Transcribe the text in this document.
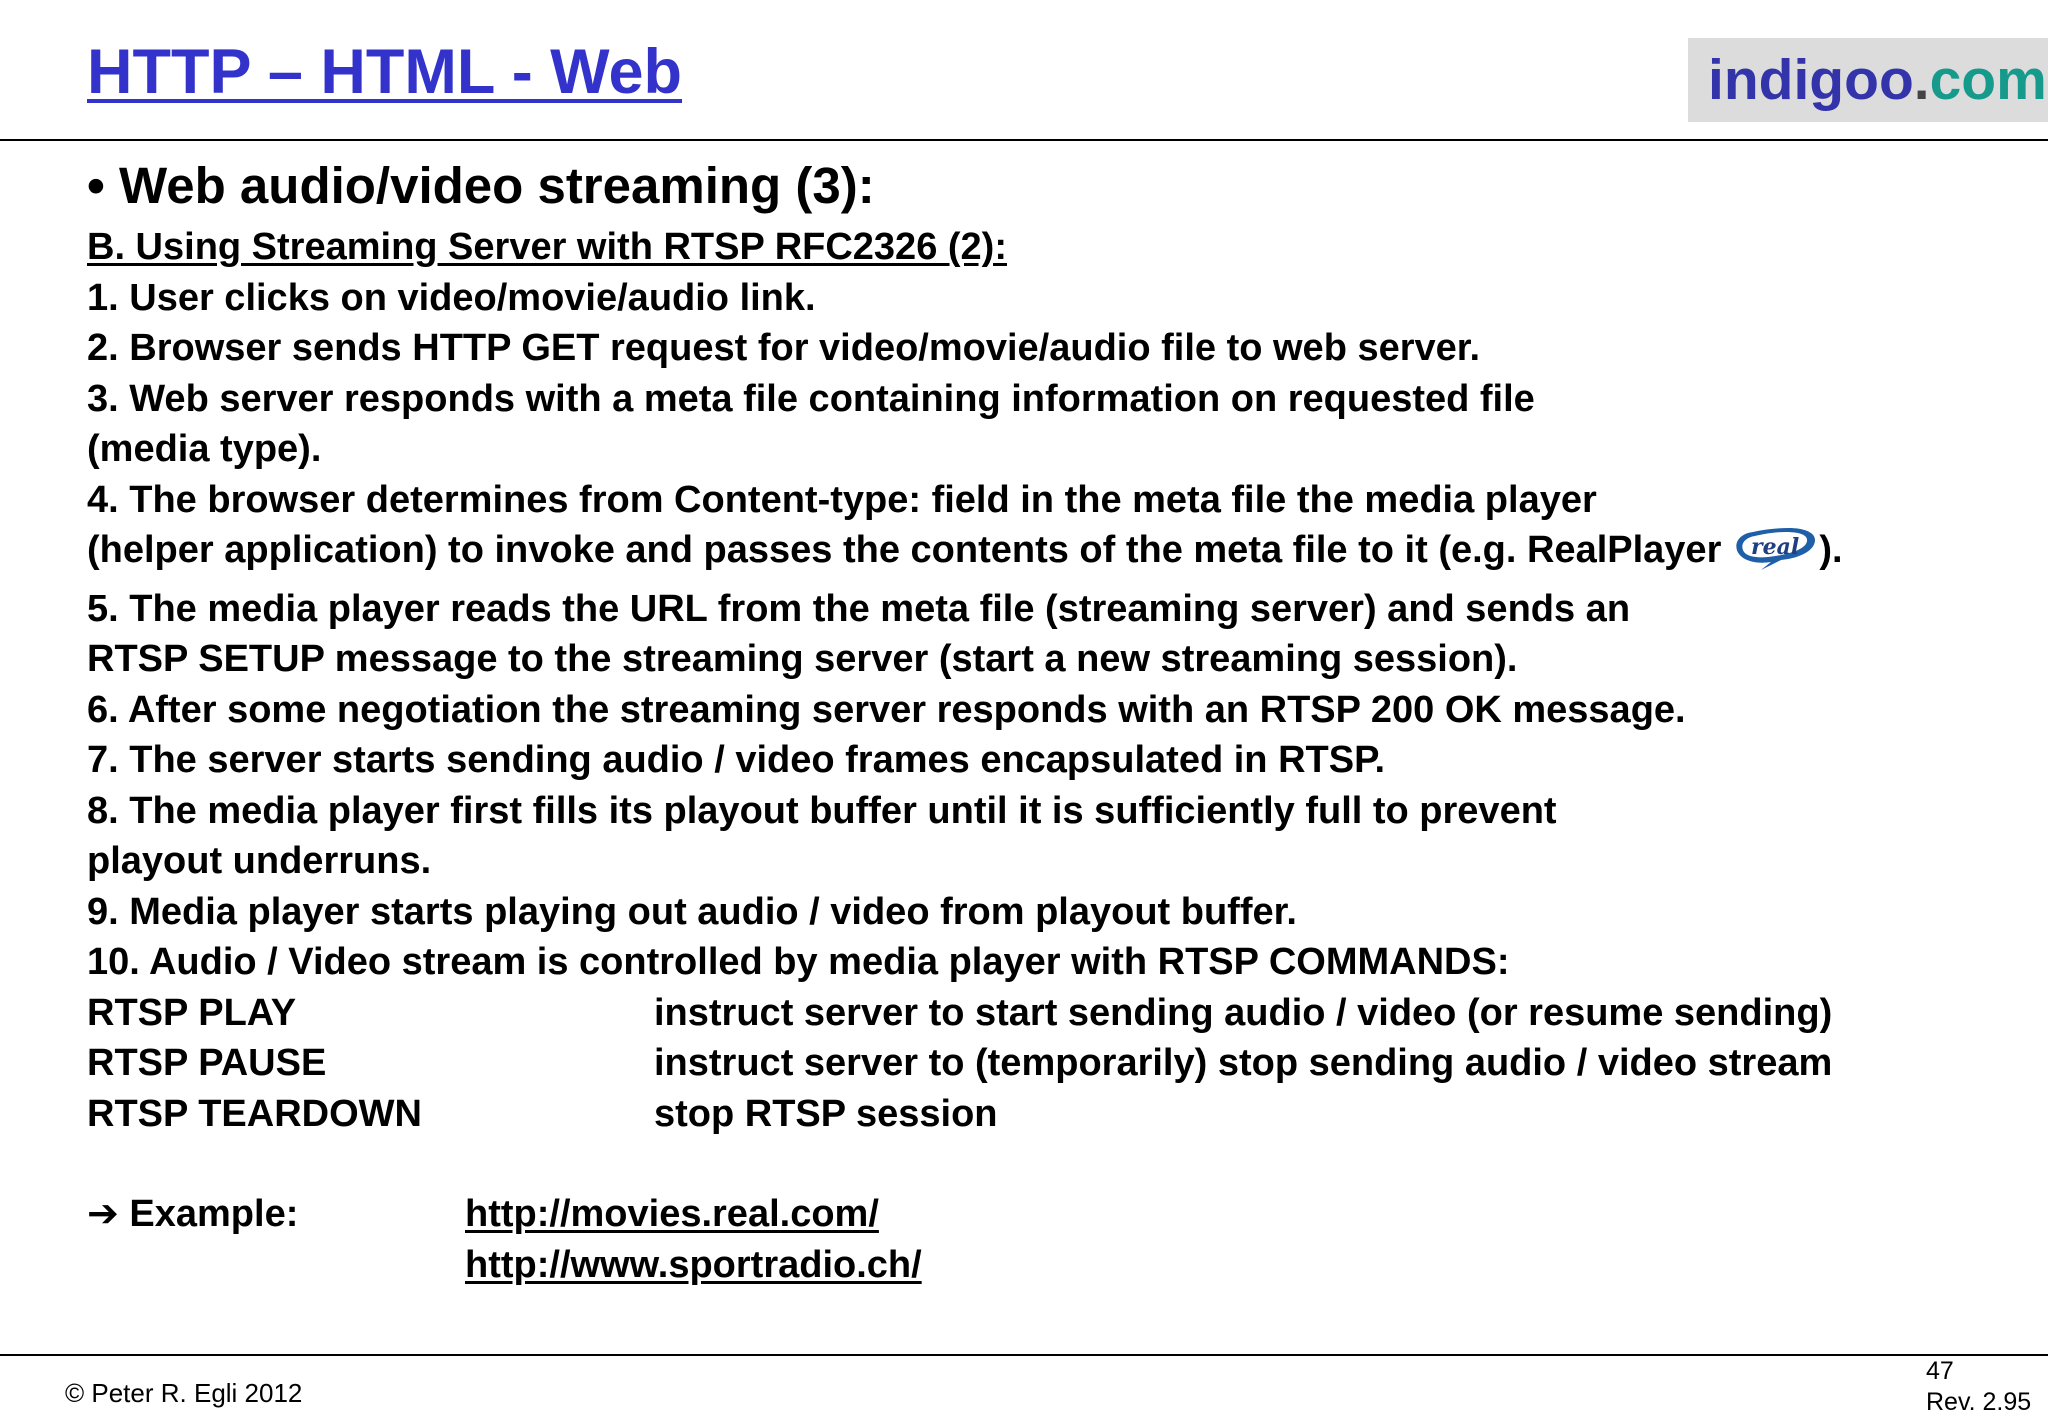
HTTP – HTML - Web	indigoo.com
• Web audio/video streaming (3):
B. Using Streaming Server with RTSP RFC2326 (2):
1. User clicks on video/movie/audio link.
2. Browser sends HTTP GET request for video/movie/audio file to web server.
3. Web server responds with a meta file containing information on requested file
(media type).
4. The browser determines from Content-type: field in the meta file the media player
(helper application) to invoke and passes the contents of the meta file to it (e.g. RealPlayer real ).
5. The media player reads the URL from the meta file (streaming server) and sends an
RTSP SETUP message to the streaming server (start a new streaming session).
6. After some negotiation the streaming server responds with an RTSP 200 OK message.
7. The server starts sending audio / video frames encapsulated in RTSP.
8. The media player first fills its playout buffer until it is sufficiently full to prevent
playout underruns.
9. Media player starts playing out audio / video from playout buffer.
10. Audio / Video stream is controlled by media player with RTSP COMMANDS:
RTSP PLAY	instruct server to start sending audio / video (or resume sending)
RTSP PAUSE	instruct server to (temporarily) stop sending audio / video stream
RTSP TEARDOWN	stop RTSP session
➔ Example:	http://movies.real.com/
http://www.sportradio.ch/
© Peter R. Egli 2012
47
Rev. 2.95
